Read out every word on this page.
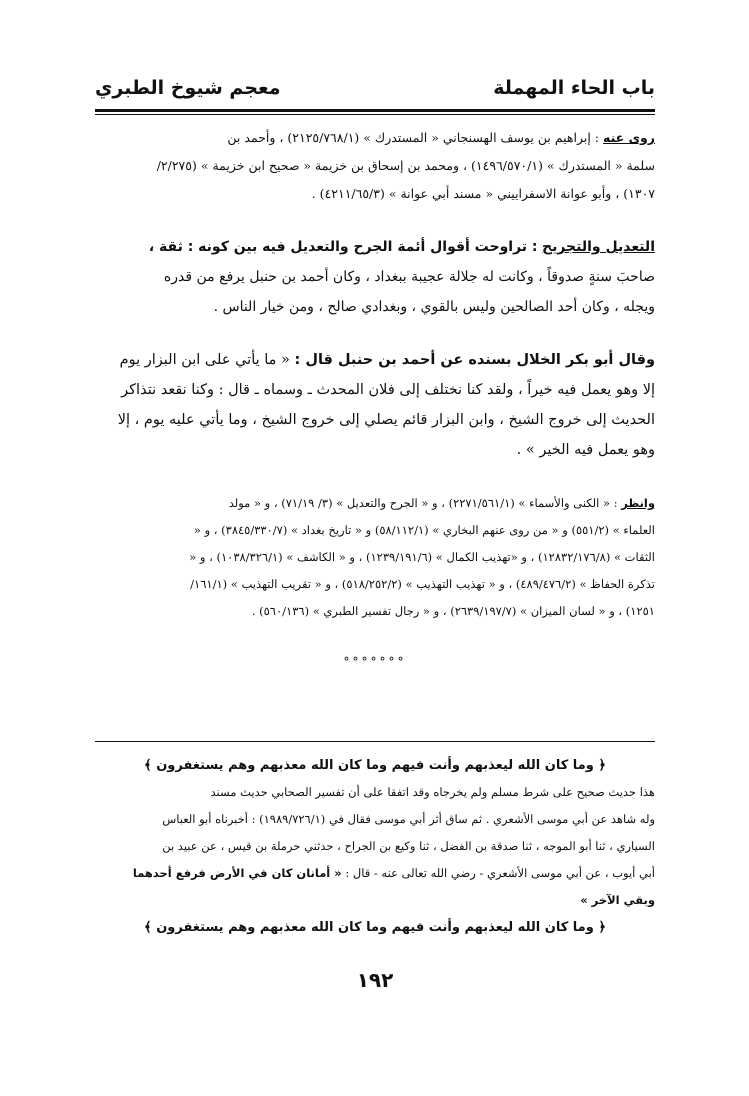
باب الحاء المهملة
معجم شيوخ الطبري
روى عنه : إبراهيم بن يوسف الهسنجاني « المستدرك » (٢١٢٥/٧٦٨/١) ، وأحمد بن
سلمة « المستدرك » (١٤٩٦/٥٧٠/١) ، ومحمد بن إسحاق بن خزيمة « صحيح ابن خزيمة » (٢/٢٧٥/
١٣٠٧) ، وأبو عوانة الاسفراييني « مسند أبي عوانة » (٤٢١١/٦٥/٣) .
التعديل والتجريح : تراوحت أقوال أئمة الجرح والتعديل فيه بين كونه : ثقة ،
صاحبَ سنةٍ صدوقاً ، وكانت له جلالة عجيبة ببغداد ، وكان أحمد بن حنبل يرفع من قدره
ويجله ، وكان أحد الصالحين وليس بالقوي ، وبغدادي صالح ، ومن خيار الناس .
وقال أبو بكر الخلال بسنده عن أحمد بن حنبل قال : « ما يأتي على ابن البزار يوم
إلا وهو يعمل فيه خيراً ، ولقد كنا نختلف إلى فلان المحدث ـ وسماه ـ قال : وكنا نقعد نتذاكر
الحديث إلى خروج الشيخ ، وابن البزار قائم يصلي إلى خروج الشيخ ، وما يأتي عليه يوم ، إلا
وهو يعمل فيه الخير » .
وانظر : « الكنى والأسماء » (٢٢٧١/٥٦١/١) ، و « الجرح والتعديل » (٣/ ٧١/١٩) ، و « مولد
العلماء » (٥٥١/٢) و « من روى عنهم البخاري » (٥٨/١١٢/١) و « تاريخ بغداد » (٣٨٤٥/٣٣٠/٧) ، و «
الثقات » (١٢٨٣٢/١٧٦/٨) ، و «تهذيب الكمال » (١٢٣٩/١٩١/٦) ، و « الكاشف » (١٠٣٨/٣٢٦/١) ، و «
تذكرة الحفاظ » (٤٨٩/٤٧٦/٢) ، و « تهذيب التهذيب » (٥١٨/٢٥٢/٢) ، و « تقريب التهذيب » (١٦١/١/
١٢٥١) ، و « لسان الميزان » (٢٦٣٩/١٩٧/٧) ، و « رجال تفسير الطبري » (٥٦٠/١٣٦) .
°°°°°°°
﴿ وما كان الله ليعذبهم وأنت فيهم وما كان الله معذبهم وهم يستغفرون ﴾
هذا حديث صحيح على شرط مسلم ولم يخرجاه وقد اتفقا على أن تفسير الصحابي حديث مسند
وله شاهد عن أبي موسى الأشعري . ثم ساق أثر أبي موسى فقال في (١٩٨٩/٧٢٦/١) : أخبرناه أبو العباس
السياري ، ثنا أبو الموجه ، ثنا صدقة بن الفضل ، ثنا وكيع بن الجراح ، حدثني حرملة بن قيس ، عن عبيد بن
أبي أيوب ، عن أبي موسى الأشعري - رضي الله تعالى عنه - قال : « أمانان كان في الأرض فرفع أحدهما
وبقي الآخر »
﴿ وما كان الله ليعذبهم وأنت فيهم وما كان الله معذبهم وهم يستغفرون ﴾
١٩٢
